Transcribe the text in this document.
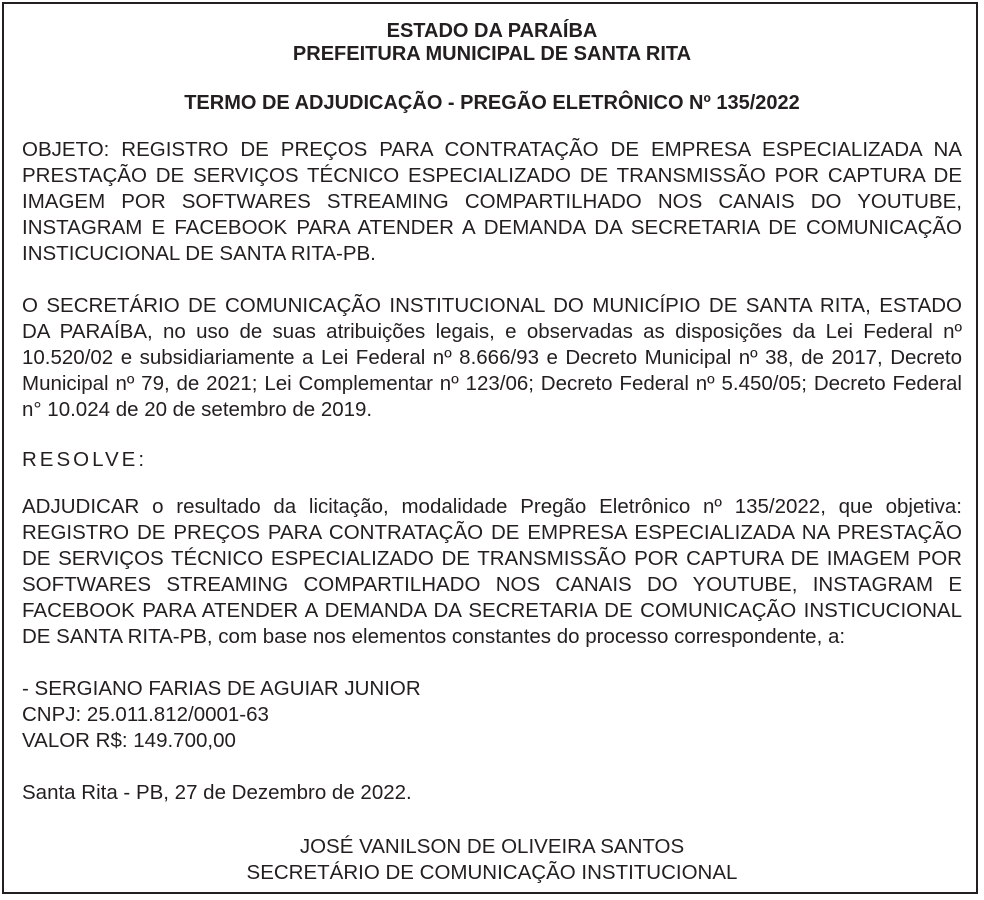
ESTADO DA PARAÍBA

PREFEITURA MUNICIPAL DE SANTA RITA

TERMO DE ADJUDICAÇÃO - PREGÃO ELETRÔNICO Nº 135/2022

OBJETO: REGISTRO DE PREÇOS PARA CONTRATAÇÃO DE EMPRESA ESPECIALIZADA NA PRESTAÇÃO DE SERVIÇOS TÉCNICO ESPECIALIZADO DE TRANSMISSÃO POR CAPTURA DE IMAGEM POR SOFTWARES STREAMING COMPARTILHADO NOS CANAIS DO YOUTUBE, INSTAGRAM E FACEBOOK PARA ATENDER A DEMANDA DA SECRETARIA DE COMUNICAÇÃO INSTICUCIONAL DE SANTA RITA-PB.

O SECRETÁRIO DE COMUNICAÇÃO INSTITUCIONAL DO MUNICÍPIO DE SANTA RITA, ESTADO DA PARAÍBA, no uso de suas atribuições legais, e observadas as disposições da Lei Federal nº 10.520/02 e subsidiariamente a Lei Federal nº 8.666/93 e Decreto Municipal nº 38, de 2017, Decreto Municipal nº 79, de 2021; Lei Complementar nº 123/06; Decreto Federal nº 5.450/05; Decreto Federal n° 10.024 de 20 de setembro de 2019.

RESOLVE:

ADJUDICAR o resultado da licitação, modalidade Pregão Eletrônico nº 135/2022, que objetiva: REGISTRO DE PREÇOS PARA CONTRATAÇÃO DE EMPRESA ESPECIALIZADA NA PRESTAÇÃO DE SERVIÇOS TÉCNICO ESPECIALIZADO DE TRANSMISSÃO POR CAPTURA DE IMAGEM POR SOFTWARES STREAMING COMPARTILHADO NOS CANAIS DO YOUTUBE, INSTAGRAM E FACEBOOK PARA ATENDER A DEMANDA DA SECRETARIA DE COMUNICAÇÃO INSTICUCIONAL DE SANTA RITA-PB, com base nos elementos constantes do processo correspondente, a:

- SERGIANO FARIAS DE AGUIAR JUNIOR

CNPJ: 25.011.812/0001-63

VALOR R$: 149.700,00

Santa Rita - PB, 27 de Dezembro de 2022.

JOSÉ VANILSON DE OLIVEIRA SANTOS

SECRETÁRIO DE COMUNICAÇÃO INSTITUCIONAL
